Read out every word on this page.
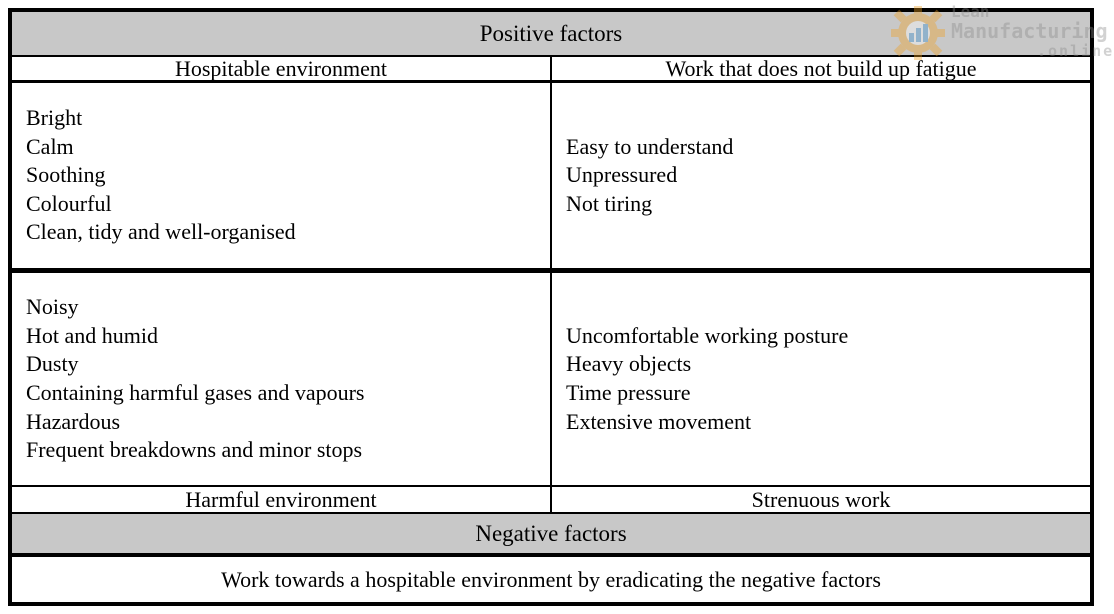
Positive factors
Hospitable environment	Work that does not build up fatigue
Bright
Calm
Soothing
Colourful
Clean, tidy and well-organised
Easy to understand
Unpressured
Not tiring
Noisy
Hot and humid
Dusty
Containing harmful gases and vapours
Hazardous
Frequent breakdowns and minor stops
Uncomfortable working posture
Heavy objects
Time pressure
Extensive movement
Harmful environment	Strenuous work
Negative factors
Work towards a hospitable environment by eradicating the negative factors
Lean
Manufacturing
.online
